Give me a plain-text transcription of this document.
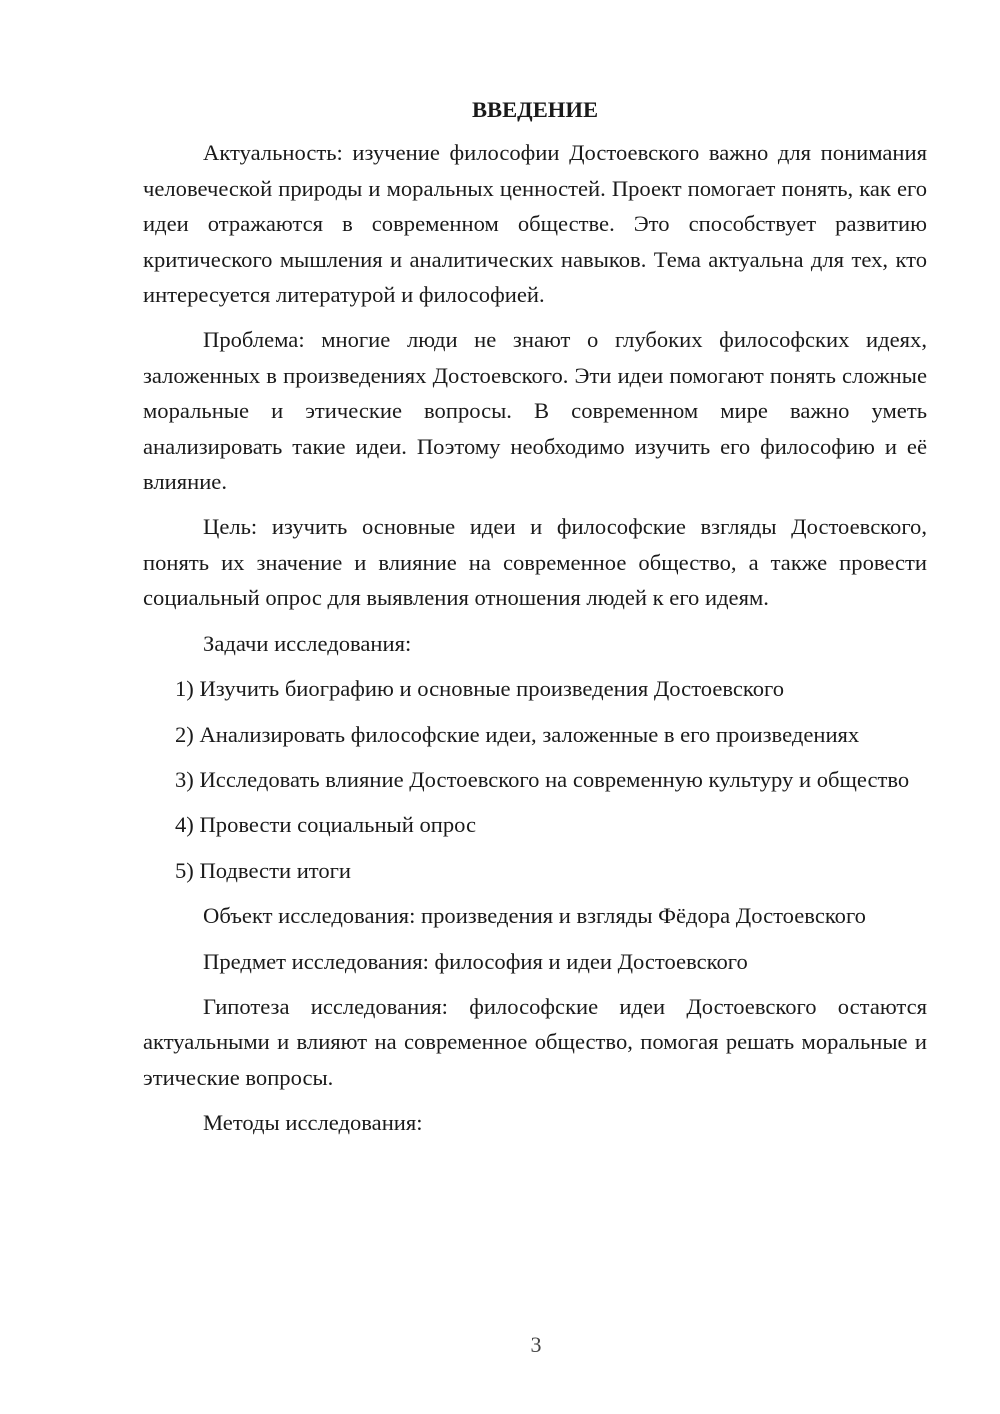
ВВЕДЕНИЕ

Актуальность: изучение философии Достоевского важно для понимания человеческой природы и моральных ценностей. Проект помогает понять, как его идеи отражаются в современном обществе. Это способствует развитию критического мышления и аналитических навыков. Тема актуальна для тех, кто интересуется литературой и философией.

Проблема: многие люди не знают о глубоких философских идеях, заложенных в произведениях Достоевского. Эти идеи помогают понять сложные моральные и этические вопросы. В современном мире важно уметь анализировать такие идеи. Поэтому необходимо изучить его философию и её влияние.

Цель: изучить основные идеи и философские взгляды Достоевского, понять их значение и влияние на современное общество, а также провести социальный опрос для выявления отношения людей к его идеям.

Задачи исследования:

1) Изучить биографию и основные произведения Достоевского

2) Анализировать философские идеи, заложенные в его произведениях

3) Исследовать влияние Достоевского на современную культуру и общество

4) Провести социальный опрос

5) Подвести итоги

Объект исследования: произведения и взгляды Фёдора Достоевского

Предмет исследования: философия и идеи Достоевского

Гипотеза исследования: философские идеи Достоевского остаются актуальными и влияют на современное общество, помогая решать моральные и этические вопросы.

Методы исследования:

3
